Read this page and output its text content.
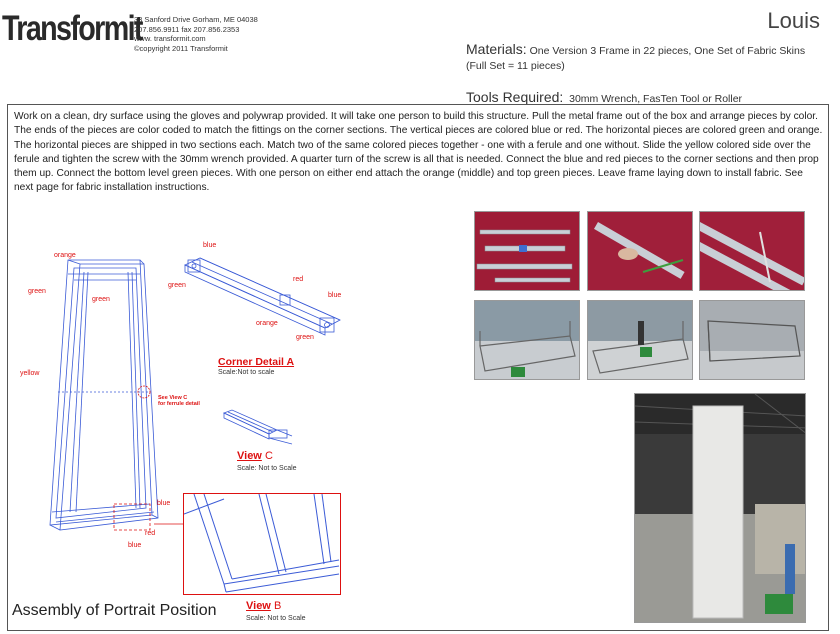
Transformit
33 Sanford Drive Gorham, ME 04038
207.856.9911 fax 207.856.2353
www. transformit.com
©copyright 2011 Transformit
Louis
Materials: One Version 3 Frame in 22 pieces, One Set of Fabric Skins
(Full Set = 11 pieces)
Tools Required: 30mm Wrench, FasTen Tool or Roller
Work on a clean, dry surface using the gloves and polywrap provided. It will take one person to build this structure. Pull the metal frame out of the box and arrange pieces by color. The ends of the pieces are color coded to match the fittings on the corner sections. The vertical pieces are colored blue or red. The horizontal pieces are colored green and orange. The horizontal pieces are shipped in two sections each. Match two of the same colored pieces together - one with a ferule and one without. Slide the yellow colored side over the ferule and tighten the screw with the 30mm wrench provided. A quarter turn of the screw is all that is needed. Connect the blue and red pieces to the corner sections and then prop them up. Connect the bottom level green pieces. With one person on either end attach the orange (middle) and top green pieces. Leave frame laying down to install fabric. See next page for fabric installation instructions.
orange
green
green
yellow
See View C
for ferrule detail
blue
red
blue
blue
green
red
blue
orange
green
Corner Detail A
Scale:Not to scale
View C
Scale: Not to Scale
View B
Scale: Not to Scale
Assembly of Portrait Position
